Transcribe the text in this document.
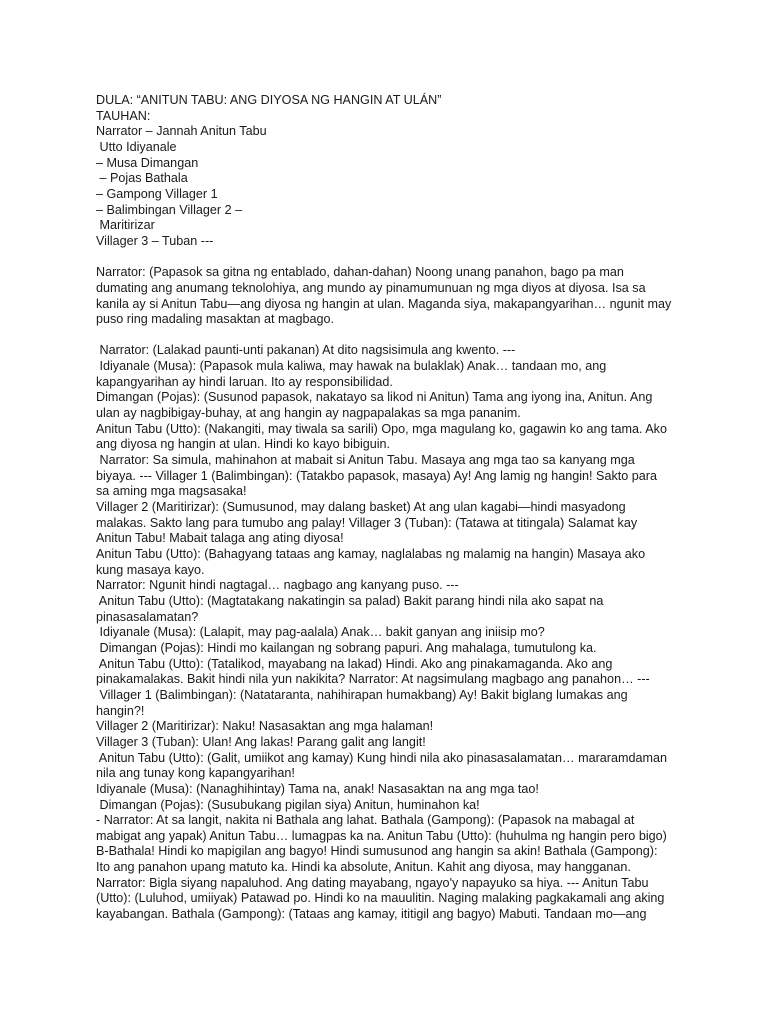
DULA: “ANITUN TABU: ANG DIYOSA NG HANGIN AT ULÁN”
TAUHAN:
Narrator – Jannah Anitun Tabu
Utto Idiyanale
– Musa Dimangan
– Pojas Bathala
– Gampong Villager 1
– Balimbingan Villager 2 –
Maritirizar
Villager 3 – Tuban ---
Narrator: (Papasok sa gitna ng entablado, dahan-dahan) Noong unang panahon, bago pa man
dumating ang anumang teknolohiya, ang mundo ay pinamumunuan ng mga diyos at diyosa. Isa sa
kanila ay si Anitun Tabu—ang diyosa ng hangin at ulan. Maganda siya, makapangyarihan… ngunit may
puso ring madaling masaktan at magbago.
Narrator: (Lalakad paunti-unti pakanan) At dito nagsisimula ang kwento. ---
Idiyanale (Musa): (Papasok mula kaliwa, may hawak na bulaklak) Anak… tandaan mo, ang
kapangyarihan ay hindi laruan. Ito ay responsibilidad.
Dimangan (Pojas): (Susunod papasok, nakatayo sa likod ni Anitun) Tama ang iyong ina, Anitun. Ang
ulan ay nagbibigay-buhay, at ang hangin ay nagpapalakas sa mga pananim.
Anitun Tabu (Utto): (Nakangiti, may tiwala sa sarili) Opo, mga magulang ko, gagawin ko ang tama. Ako
ang diyosa ng hangin at ulan. Hindi ko kayo bibiguin.
Narrator: Sa simula, mahinahon at mabait si Anitun Tabu. Masaya ang mga tao sa kanyang mga
biyaya. --- Villager 1 (Balimbingan): (Tatakbo papasok, masaya) Ay! Ang lamig ng hangin! Sakto para
sa aming mga magsasaka!
Villager 2 (Maritirizar): (Sumusunod, may dalang basket) At ang ulan kagabi—hindi masyadong
malakas. Sakto lang para tumubo ang palay! Villager 3 (Tuban): (Tatawa at titingala) Salamat kay
Anitun Tabu! Mabait talaga ang ating diyosa!
Anitun Tabu (Utto): (Bahagyang tataas ang kamay, naglalabas ng malamig na hangin) Masaya ako
kung masaya kayo.
Narrator: Ngunit hindi nagtagal… nagbago ang kanyang puso. ---
Anitun Tabu (Utto): (Magtatakang nakatingin sa palad) Bakit parang hindi nila ako sapat na
pinasasalamatan?
Idiyanale (Musa): (Lalapit, may pag-aalala) Anak… bakit ganyan ang iniisip mo?
Dimangan (Pojas): Hindi mo kailangan ng sobrang papuri. Ang mahalaga, tumutulong ka.
Anitun Tabu (Utto): (Tatalikod, mayabang na lakad) Hindi. Ako ang pinakamaganda. Ako ang
pinakamalakas. Bakit hindi nila yun nakikita? Narrator: At nagsimulang magbago ang panahon… ---
Villager 1 (Balimbingan): (Natataranta, nahihirapan humakbang) Ay! Bakit biglang lumakas ang
hangin?!
Villager 2 (Maritirizar): Naku! Nasasaktan ang mga halaman!
Villager 3 (Tuban): Ulan! Ang lakas! Parang galit ang langit!
Anitun Tabu (Utto): (Galit, umiikot ang kamay) Kung hindi nila ako pinasasalamatan… mararamdaman
nila ang tunay kong kapangyarihan!
Idiyanale (Musa): (Nanaghihintay) Tama na, anak! Nasasaktan na ang mga tao!
Dimangan (Pojas): (Susubukang pigilan siya) Anitun, huminahon ka!
- Narrator: At sa langit, nakita ni Bathala ang lahat. Bathala (Gampong): (Papasok na mabagal at
mabigat ang yapak) Anitun Tabu… lumagpas ka na. Anitun Tabu (Utto): (huhulma ng hangin pero bigo)
B-Bathala! Hindi ko mapigilan ang bagyo! Hindi sumusunod ang hangin sa akin! Bathala (Gampong):
Ito ang panahon upang matuto ka. Hindi ka absolute, Anitun. Kahit ang diyosa, may hangganan.
Narrator: Bigla siyang napaluhod. Ang dating mayabang, ngayo'y napayuko sa hiya. --- Anitun Tabu
(Utto): (Luluhod, umiiyak) Patawad po. Hindi ko na mauulitin. Naging malaking pagkakamali ang aking
kayabangan. Bathala (Gampong): (Tataas ang kamay, ititigil ang bagyo) Mabuti. Tandaan mo—ang
